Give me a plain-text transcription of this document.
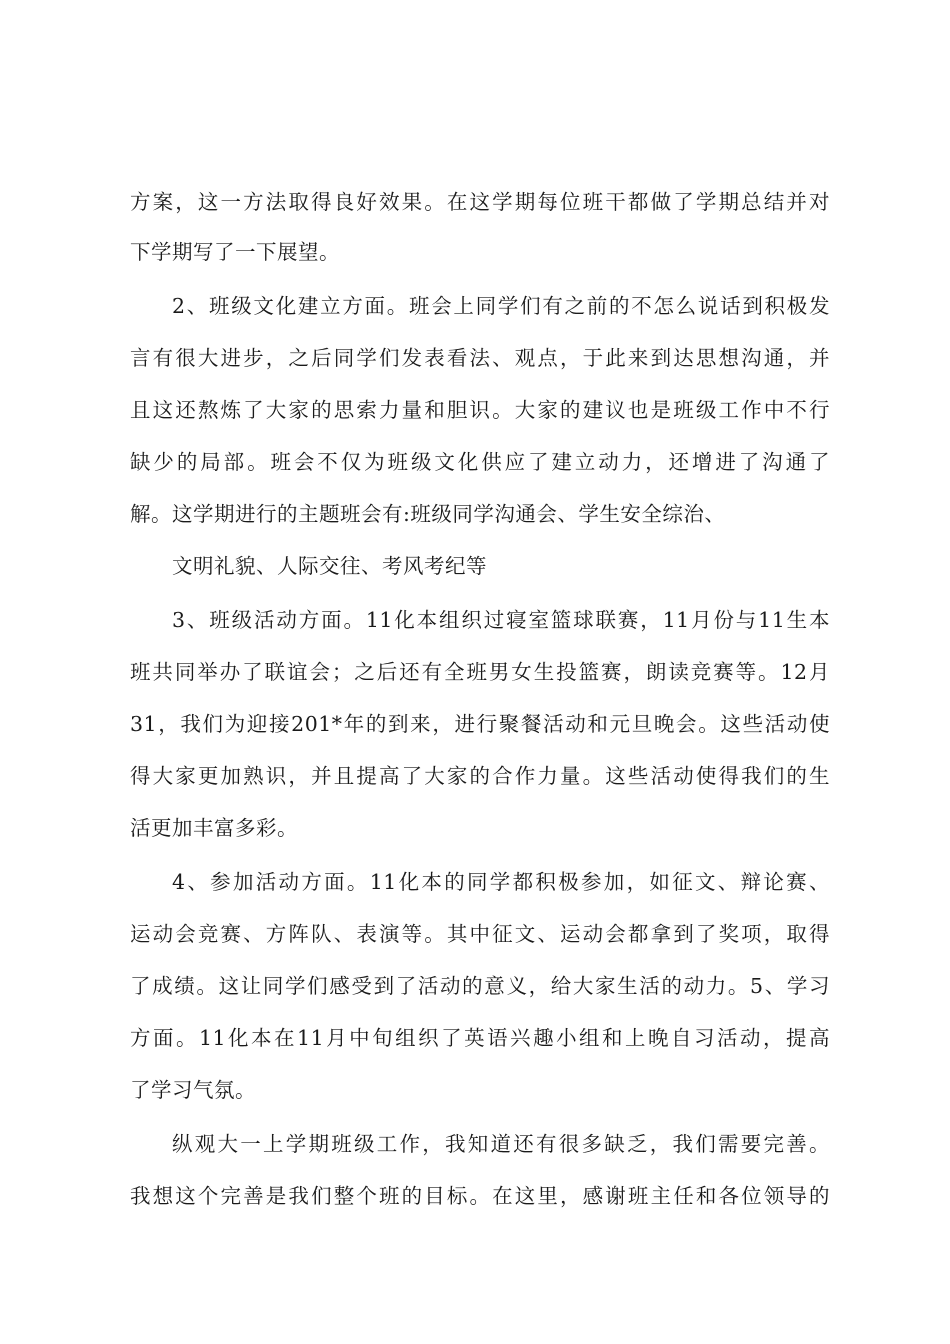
方案，这一方法取得良好效果。在这学期每位班干都做了学期总结并对
下学期写了一下展望。
2、班级文化建立方面。班会上同学们有之前的不怎么说话到积极发
言有很大进步，之后同学们发表看法、观点，于此来到达思想沟通，并
且这还熬炼了大家的思索力量和胆识。大家的建议也是班级工作中不行
缺少的局部。班会不仅为班级文化供应了建立动力，还增进了沟通了
解。这学期进行的主题班会有:班级同学沟通会、学生安全综治、
文明礼貌、人际交往、考风考纪等
3、班级活动方面。11化本组织过寝室篮球联赛，11月份与11生本
班共同举办了联谊会；之后还有全班男女生投篮赛，朗读竞赛等。12月
31，我们为迎接201*年的到来，进行聚餐活动和元旦晚会。这些活动使
得大家更加熟识，并且提高了大家的合作力量。这些活动使得我们的生
活更加丰富多彩。
4、参加活动方面。11化本的同学都积极参加，如征文、辩论赛、
运动会竞赛、方阵队、表演等。其中征文、运动会都拿到了奖项，取得
了成绩。这让同学们感受到了活动的意义，给大家生活的动力。5、学习
方面。11化本在11月中旬组织了英语兴趣小组和上晚自习活动，提高
了学习气氛。
纵观大一上学期班级工作，我知道还有很多缺乏，我们需要完善。
我想这个完善是我们整个班的目标。在这里，感谢班主任和各位领导的
